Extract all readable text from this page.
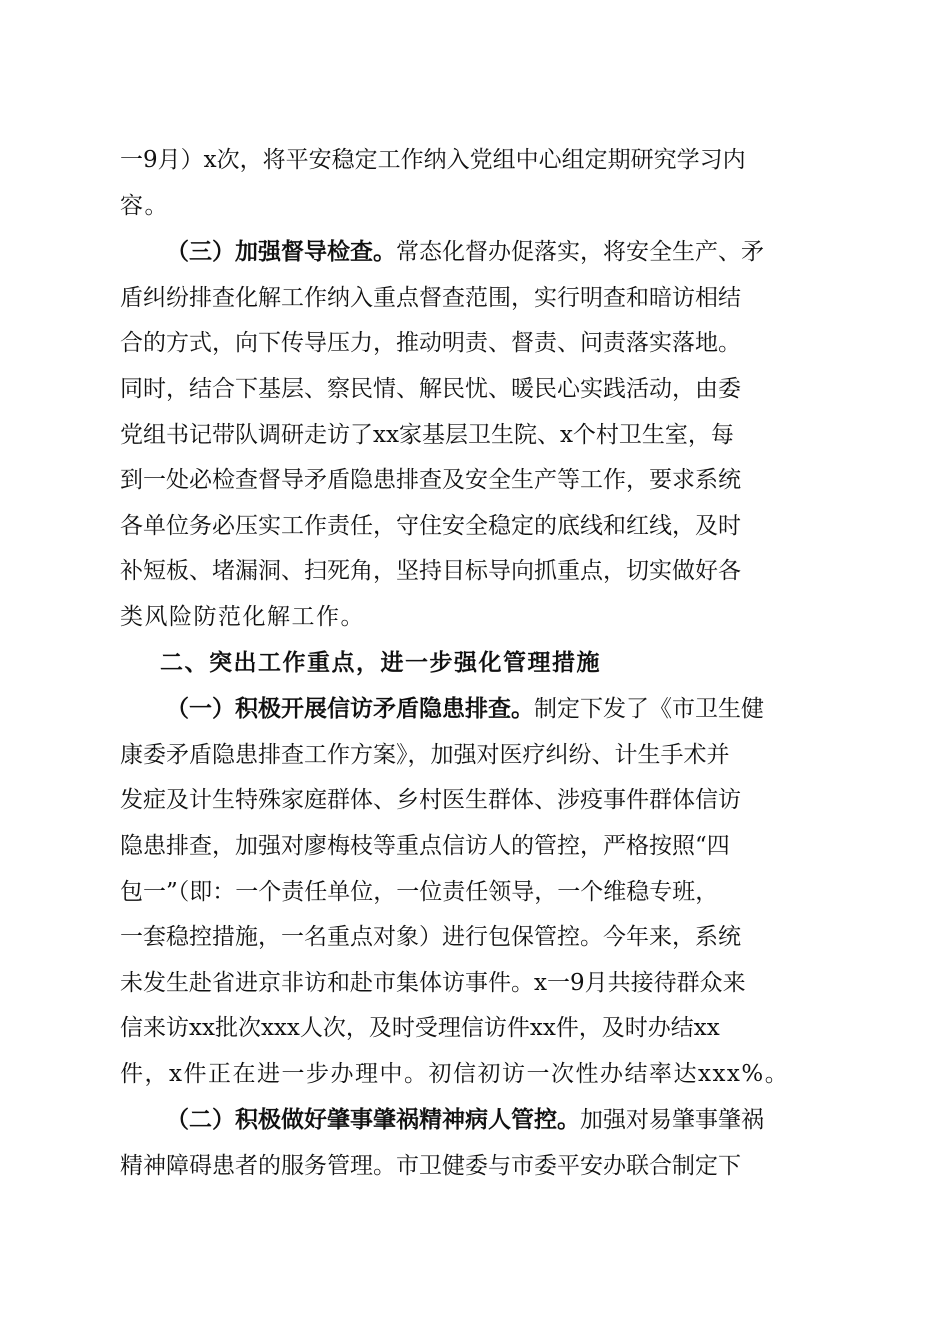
一9月）x次，将平安稳定工作纳入党组中心组定期研究学习内
容。

（三）加强督导检查。常态化督办促落实，将安全生产、矛
盾纠纷排查化解工作纳入重点督查范围，实行明查和暗访相结
合的方式，向下传导压力，推动明责、督责、问责落实落地。
同时，结合下基层、察民情、解民忧、暖民心实践活动，由委
党组书记带队调研走访了xx家基层卫生院、x个村卫生室，每
到一处必检查督导矛盾隐患排查及安全生产等工作，要求系统
各单位务必压实工作责任，守住安全稳定的底线和红线，及时
补短板、堵漏洞、扫死角，坚持目标导向抓重点，切实做好各
类风险防范化解工作。

二、突出工作重点，进一步强化管理措施

（一）积极开展信访矛盾隐患排查。制定下发了《市卫生健
康委矛盾隐患排查工作方案》，加强对医疗纠纷、计生手术并
发症及计生特殊家庭群体、乡村医生群体、涉疫事件群体信访
隐患排查，加强对廖梅枝等重点信访人的管控，严格按照“四
包一”（即：一个责任单位，一位责任领导，一个维稳专班，
一套稳控措施，一名重点对象）进行包保管控。今年来，系统
未发生赴省进京非访和赴市集体访事件。x一9月共接待群众来
信来访xx批次xxx人次，及时受理信访件xx件，及时办结xx
件，x件正在进一步办理中。初信初访一次性办结率达xxx%。

（二）积极做好肇事肇祸精神病人管控。加强对易肇事肇祸
精神障碍患者的服务管理。市卫健委与市委平安办联合制定下
